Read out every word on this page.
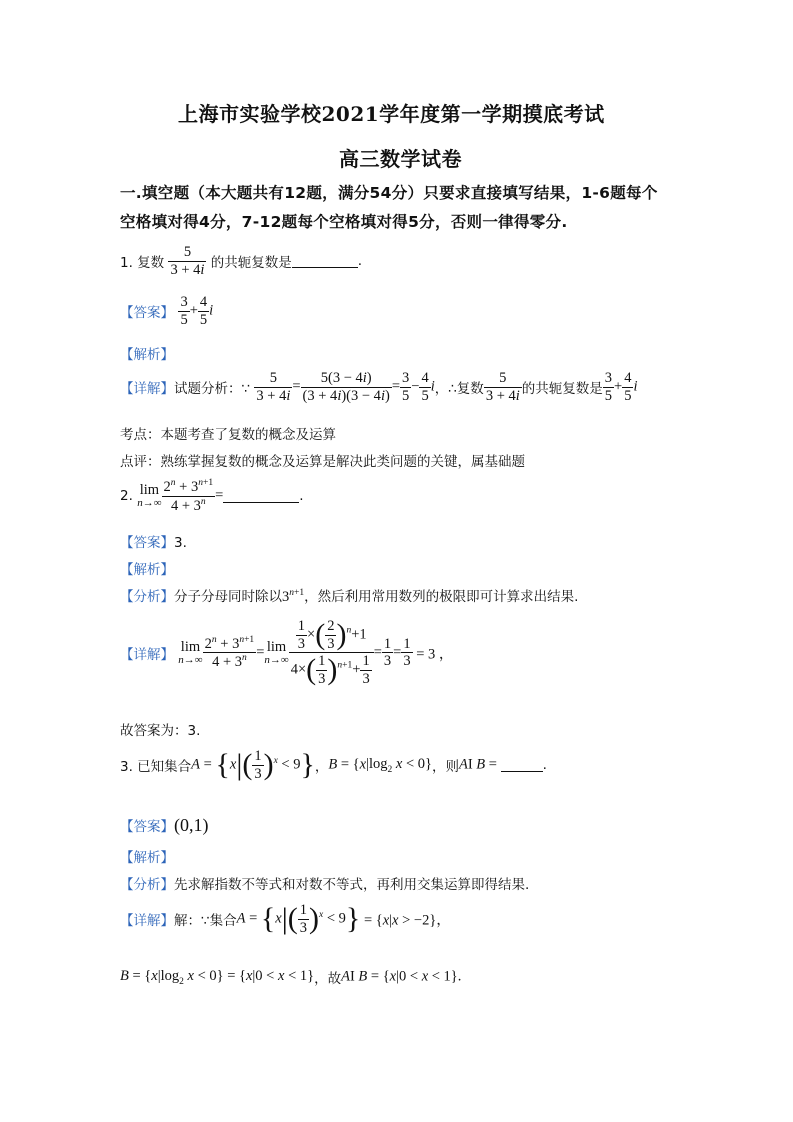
上海市实验学校2021学年度第一学期摸底考试
高三数学试卷
一.填空题（本大题共有12题，满分54分）只要求直接填写结果，1-6题每个
空格填对得4分，7-12题每个空格填对得5分，否则一律得零分.
1. 复数 $\frac{5}{3 + 4i}$ 的共轭复数是	.
【答案】 $\frac{3}{5} + \frac{4}{5}$ i
【解析】
【详解】试题分析：∵ $\frac{5}{3 + 4i} = \frac{5(3 - 4i)}{(3 + 4i)(3 - 4i)} = \frac{3}{5} - \frac{4}{5}$ i，∴复数 $\frac{5}{3 + 4i}$ 的共轭复数是 $\frac{3}{5} + \frac{4}{5}$ i
考点：本题考查了复数的概念及运算
点评：熟练掌握复数的概念及运算是解决此类问题的关键，属基础题
2. lim
$n\to\infty \frac{2^n + 3^{n+1}}{4 + 3^n}$ =	.
【答案】3.
【解析】
【分析】分子分母同时除以$3^{n+1}$，然后利用常用数列的极限即可计算求出结果.
【详解】 lim
$n\to\infty \frac{2^n + 3^{n+1}}{4 + 3^n} = \lim$
$n\to\infty \frac{\frac{1}{3} \times( \frac{2}{3} )^n+1}{4\times( \frac{1}{3} )^{n+1}+ \frac{1}{3}} = \frac{1}{3} = \frac{1}{3} = 3$ ，
故答案为：3.
3. 已知集合$A = \{x|( \frac{1}{3} )^x < 9\}$，$B = \{x|\log_2$ x < 0}，则AI B =	.
【答案】(0,1)
【解析】
【分析】先求解指数不等式和对数不等式，再利用交集运算即得结果.
【详解】解：∵集合$A = \{x|( \frac{1}{3} )^x < 9\} = \{x|x > -2\}$，
$B = \{x|\log_2$ x < 0} = {x|0 < x < 1}，故AI B = {x|0 < x < 1}.
